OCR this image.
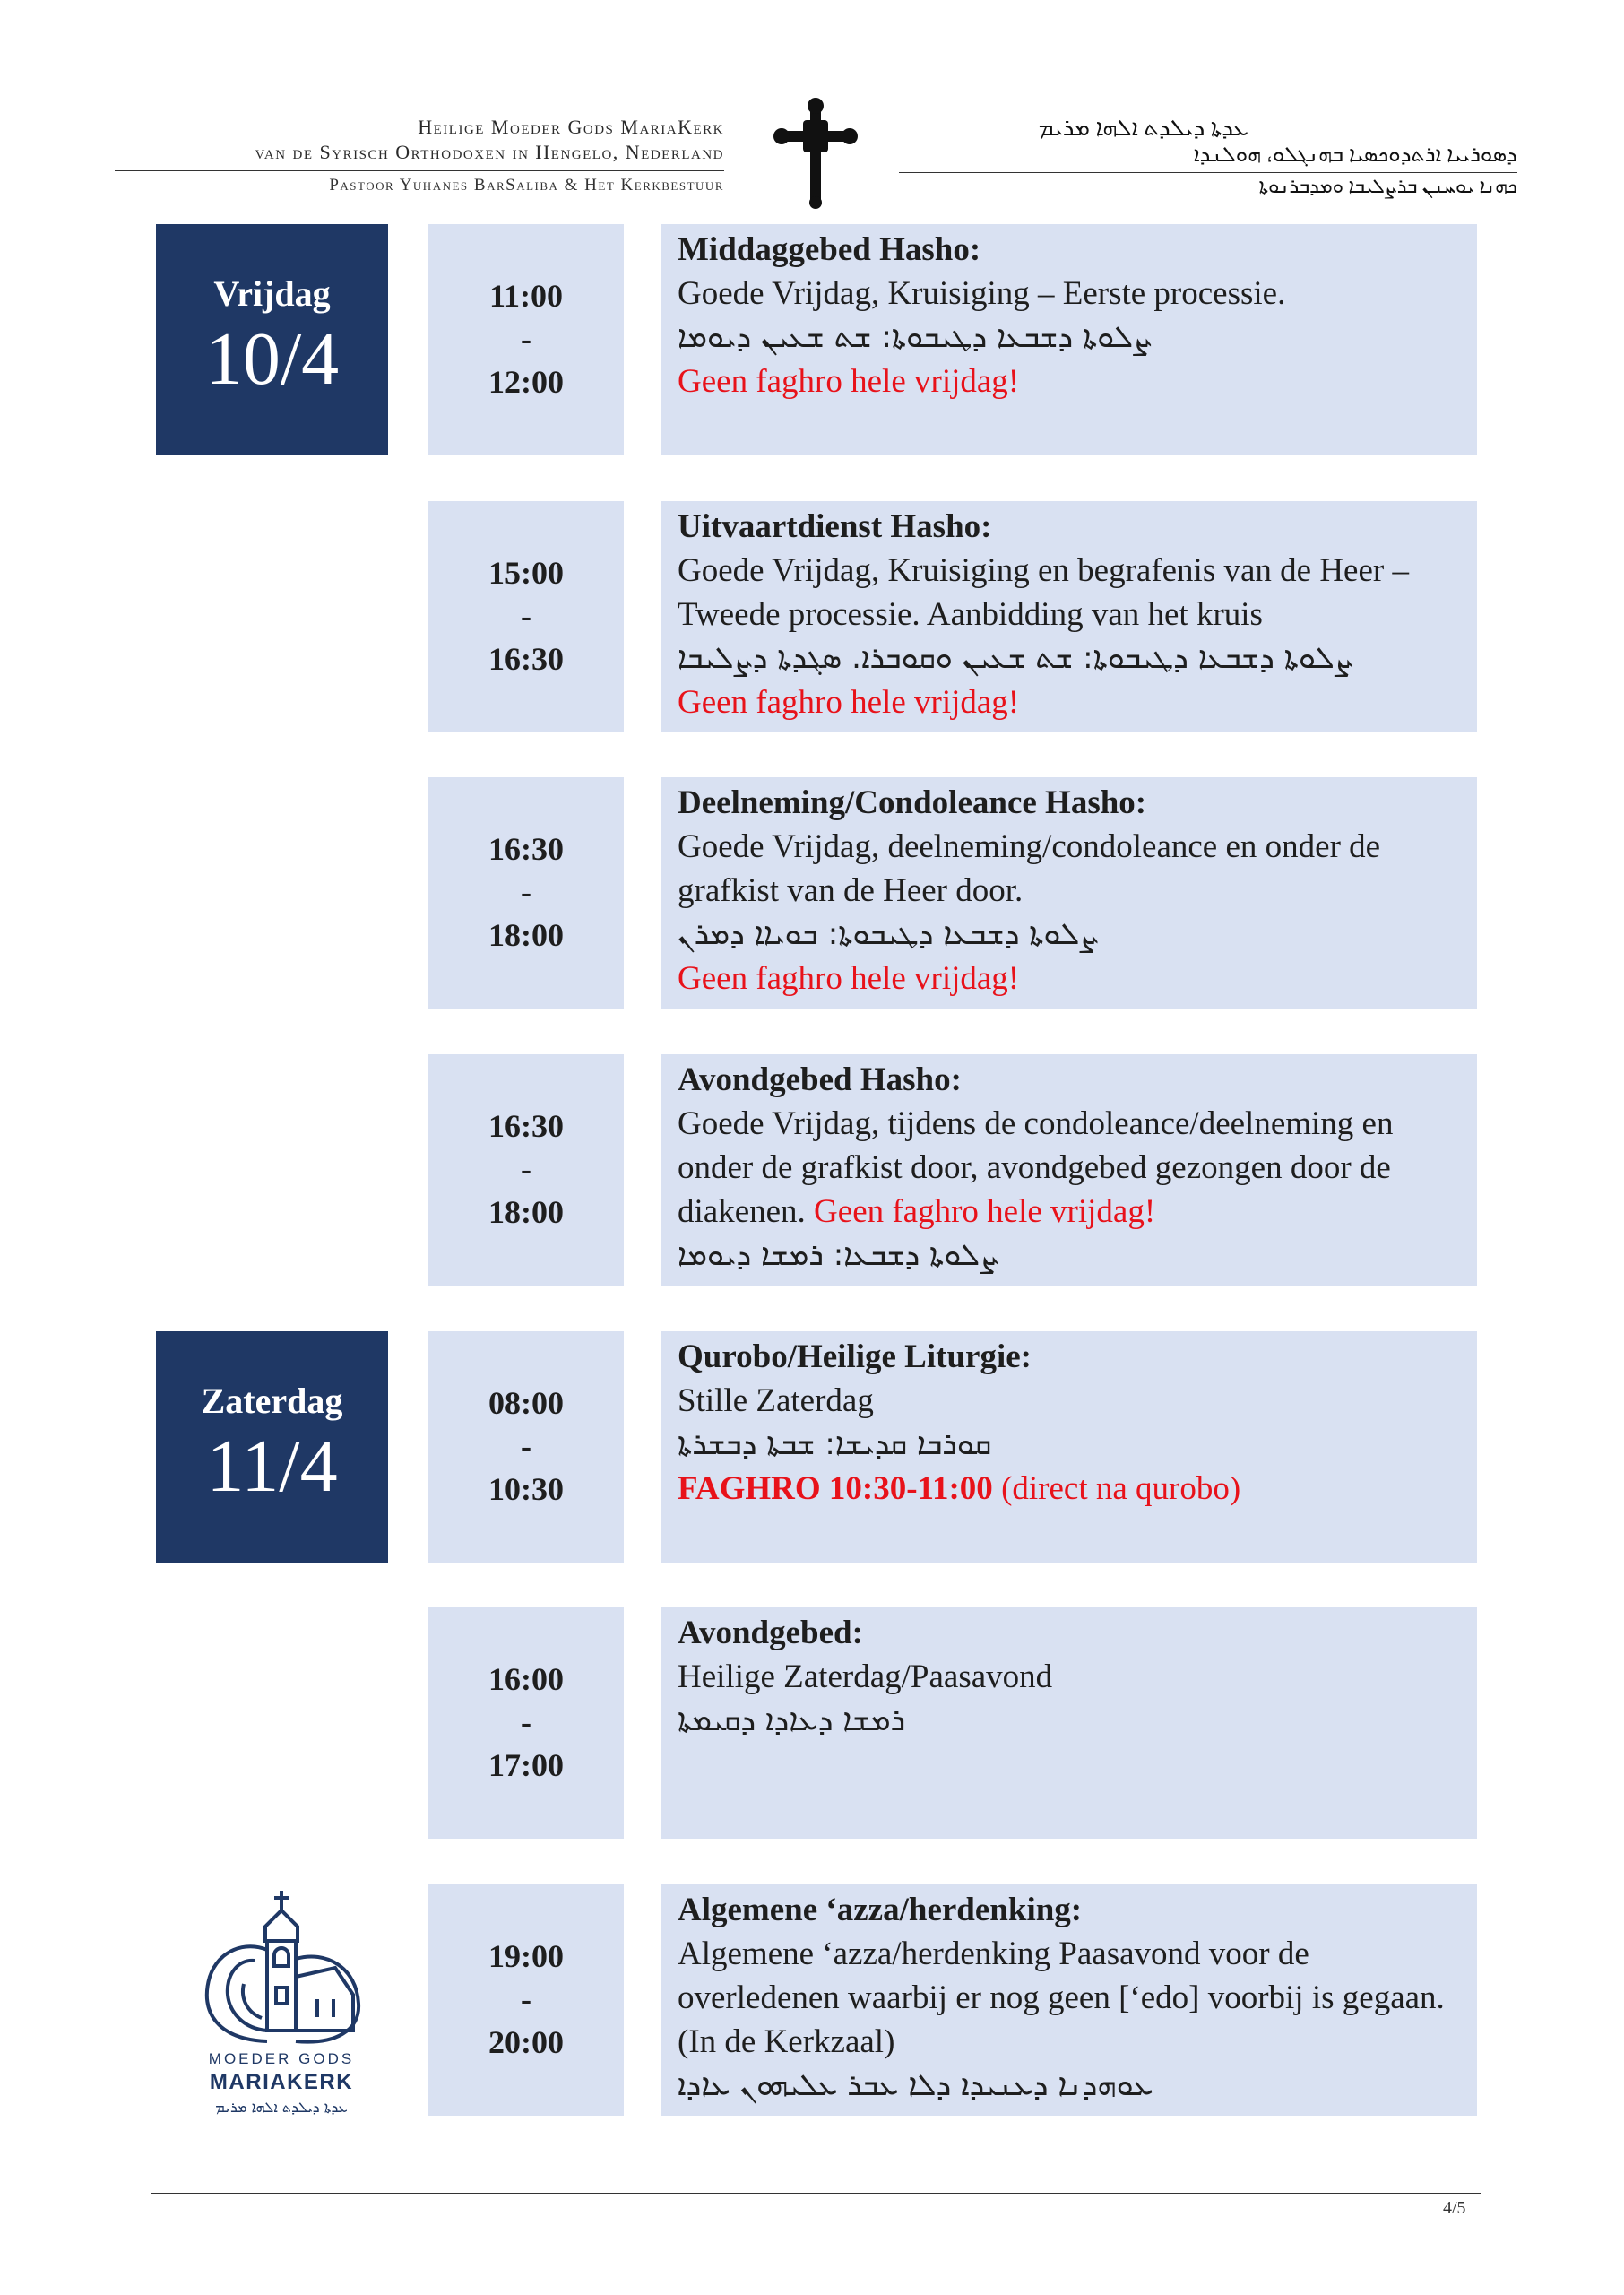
Heilige Moeder Gods MariaKerk
van de Syrisch Orthodoxen in Hengelo, Nederland
Pastoor Yuhanes BarSaliba & Het Kerkbestuur
ܥܕܬܐ ܕܝܠܕܬ ܐܠܗܐ ܡܪܝܡ
ܕܣܘܪܝܝܐ ܐܪܬܕܘܟܣܝܐ ܒܗܢܓܠܘ، ܗܘܠܢܕܐ
ܟܗܢܐ ܝܘܚܢܢ ܒܪܨܠܝܒܐ ܘܡܕܒܪܢܘܬܐ
Vrijdag
10/4
Zaterdag
11/4
11:00
-
12:00
Middaggebed Hasho:
Goede Vrijdag, Kruisiging – Eerste processie.
ܨܠܘܬܐ ܕܫܒܥܐ ܕܛܝܒܘܬܐ: ܫܬ ܫܥܝܢ ܕܝܘܡܐ
Geen faghro hele vrijdag!
15:00
-
16:30
Uitvaartdienst Hasho:
Goede Vrijdag, Kruisiging en begrafenis van de Heer – Tweede processie. Aanbidding van het kruis
ܨܠܘܬܐ ܕܫܒܥܐ ܕܛܝܒܘܬܐ: ܫܬ ܫܥܝܢ ܘܩܘܒܪܐ. ܣܓܕܬܐ ܕܨܠܝܒܐ
Geen faghro hele vrijdag!
16:30
-
18:00
Deelneming/Condoleance Hasho:
Goede Vrijdag, deelneming/condoleance en onder de grafkist van de Heer door.
ܨܠܘܬܐ ܕܫܒܥܐ ܕܛܝܒܘܬܐ: ܒܘܝܐܐ ܕܡܪܢ
Geen faghro hele vrijdag!
16:30
-
18:00
Avondgebed Hasho:
Goede Vrijdag, tijdens de condoleance/deelneming en onder de grafkist door, avondgebed gezongen door de diakenen. Geen faghro hele vrijdag!
ܨܠܘܬܐ ܕܫܒܥܐ: ܪܡܫܐ ܕܝܘܡܐ
08:00
-
10:30
Qurobo/Heilige Liturgie:
Stille Zaterdag
ܩܘܪܒܐ ܩܕܝܫܐ: ܫܒܬܐ ܕܒܫܪܬܐ
FAGHRO 10:30-11:00 (direct na qurobo)
16:00
-
17:00
Avondgebed:
Heilige Zaterdag/Paasavond
ܪܡܫܐ ܕܥܐܕܐ ܕܩܝܡܬܐ
19:00
-
20:00
Algemene ‘azza/herdenking:
Algemene ‘azza/herdenking Paasavond voor de overledenen waarbij er nog geen [‘edo] voorbij is gegaan. (In de Kerkzaal)
ܥܘܗܕܢܐ ܕܥܢܝܕܐ ܕܠܐ ܥܒܪ ܥܠܝܗܘܢ ܥܐܕܐ
MOEDER GODS
MARIAKERK
ܥܕܬܐ ܕܝܠܕܬ ܐܠܗܐ ܡܪܝܡ
4/5
